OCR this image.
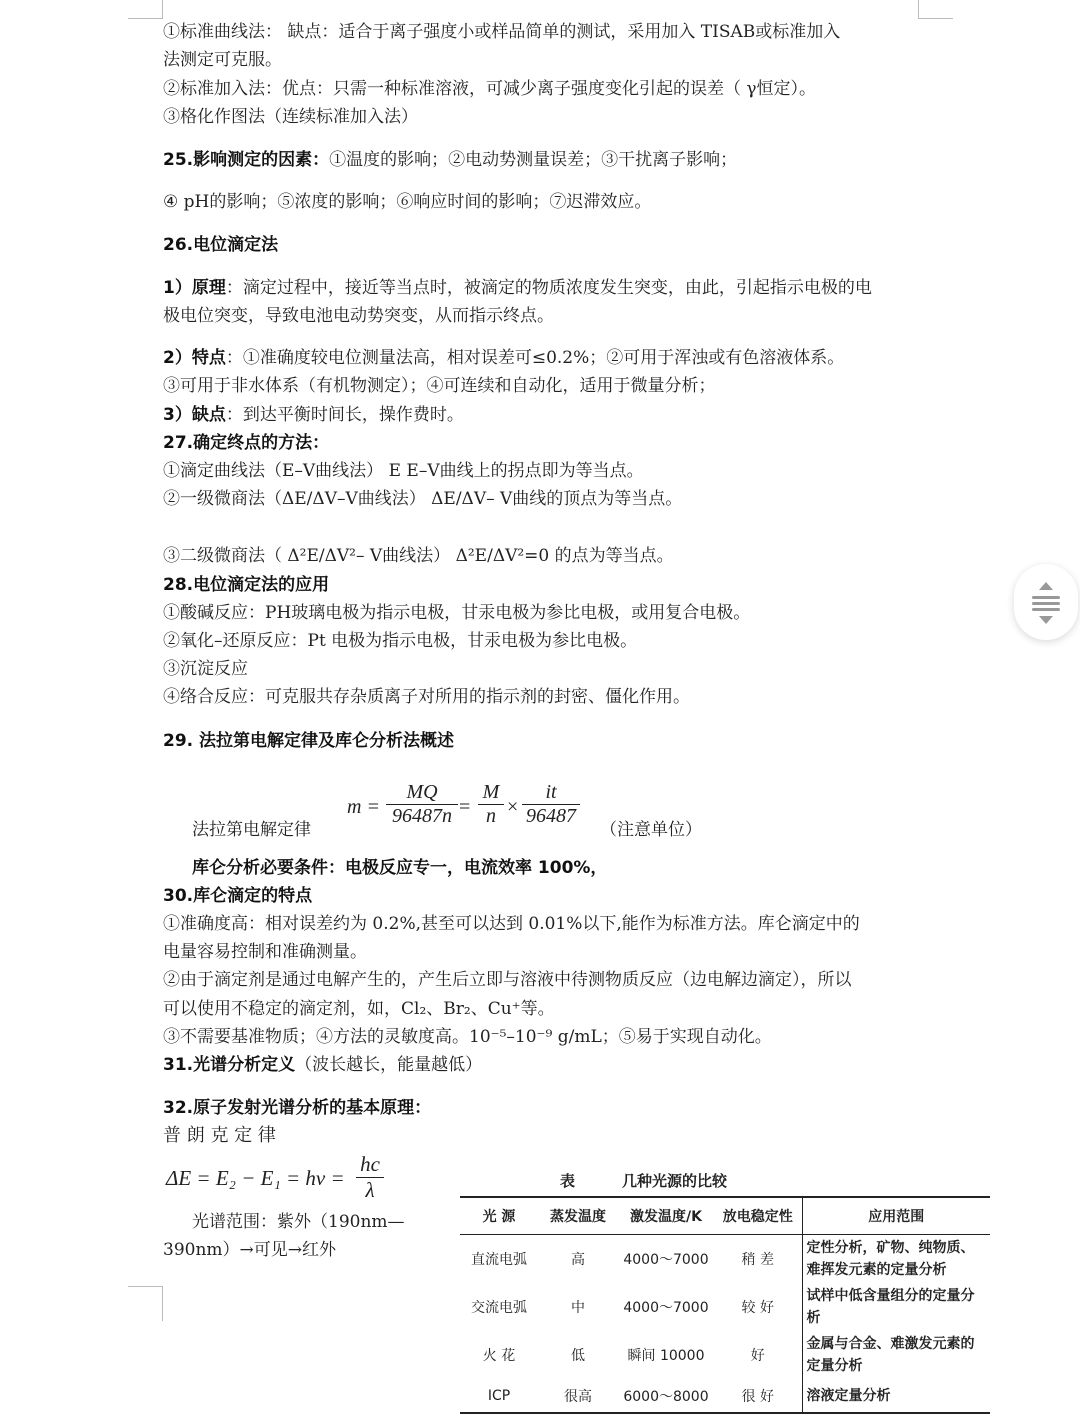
①标准曲线法： 缺点：适合于离子强度小或样品简单的测试，采用加入 TISAB或标准加入
法测定可克服。
②标准加入法：优点：只需一种标准溶液，可减少离子强度变化引起的误差（ γ恒定）。
③格化作图法（连续标准加入法）
25.影响测定的因素：①温度的影响；②电动势测量误差；③干扰离子影响；
④ pH的影响；⑤浓度的影响；⑥响应时间的影响；⑦迟滞效应。
26.电位滴定法
1）原理：滴定过程中，接近等当点时，被滴定的物质浓度发生突变，由此，引起指示电极的电
极电位突变，导致电池电动势突变，从而指示终点。
2）特点：①准确度较电位测量法高，相对误差可≤0.2%；②可用于浑浊或有色溶液体系。
③可用于非水体系（有机物测定）；④可连续和自动化，适用于微量分析；
3）缺点：到达平衡时间长，操作费时。
27.确定终点的方法：
①滴定曲线法（E–V曲线法） E E–V曲线上的拐点即为等当点。
②一级微商法（ΔE/ΔV–V曲线法） ΔE/ΔV– V曲线的顶点为等当点。
③二级微商法（ Δ²E/ΔV²– V曲线法） Δ²E/ΔV²=0 的点为等当点。
28.电位滴定法的应用
①酸碱反应：PH玻璃电极为指示电极，甘汞电极为参比电极，或用复合电极。
②氧化–还原反应：Pt 电极为指示电极，甘汞电极为参比电极。
③沉淀反应
④络合反应：可克服共存杂质离子对所用的指示剂的封密、僵化作用。
29. 法拉第电解定律及库仑分析法概述
法拉第电解定律
$m = \frac{MQ}{96487n} = \frac{M}{n} \times \frac{it}{96487}$
（注意单位）
库仑分析必要条件：电极反应专一，电流效率 100%，
30.库仑滴定的特点
①准确度高：相对误差约为 0.2%,甚至可以达到 0.01%以下,能作为标准方法。库仑滴定中的
电量容易控制和准确测量。
②由于滴定剂是通过电解产生的，产生后立即与溶液中待测物质反应（边电解边滴定），所以
可以使用不稳定的滴定剂，如，Cl₂、Br₂、Cu⁺等。
③不需要基准物质；④方法的灵敏度高。10⁻⁵–10⁻⁹ g/mL；⑤易于实现自动化。
31.光谱分析定义（波长越长，能量越低）
32.原子发射光谱分析的基本原理：
普 朗 克 定 律
$\Delta E = E_2 - E_1 = h\nu = \frac{hc}{\lambda}$
光谱范围：紫外（190nm—
390nm）→可见→红外
表	几种光源的比较
光 源	蒸发温度	激发温度/K	放电稳定性	应用范围
直流电弧	高	4000～7000	稍 差	定性分析，矿物、纯物质、难挥发元素的定量分析
交流电弧	中	4000～7000	较 好	试样中低含量组分的定量分析
火 花	低	瞬间 10000	好	金属与合金、难激发元素的定量分析
ICP	很高	6000～8000	很 好	溶液定量分析
